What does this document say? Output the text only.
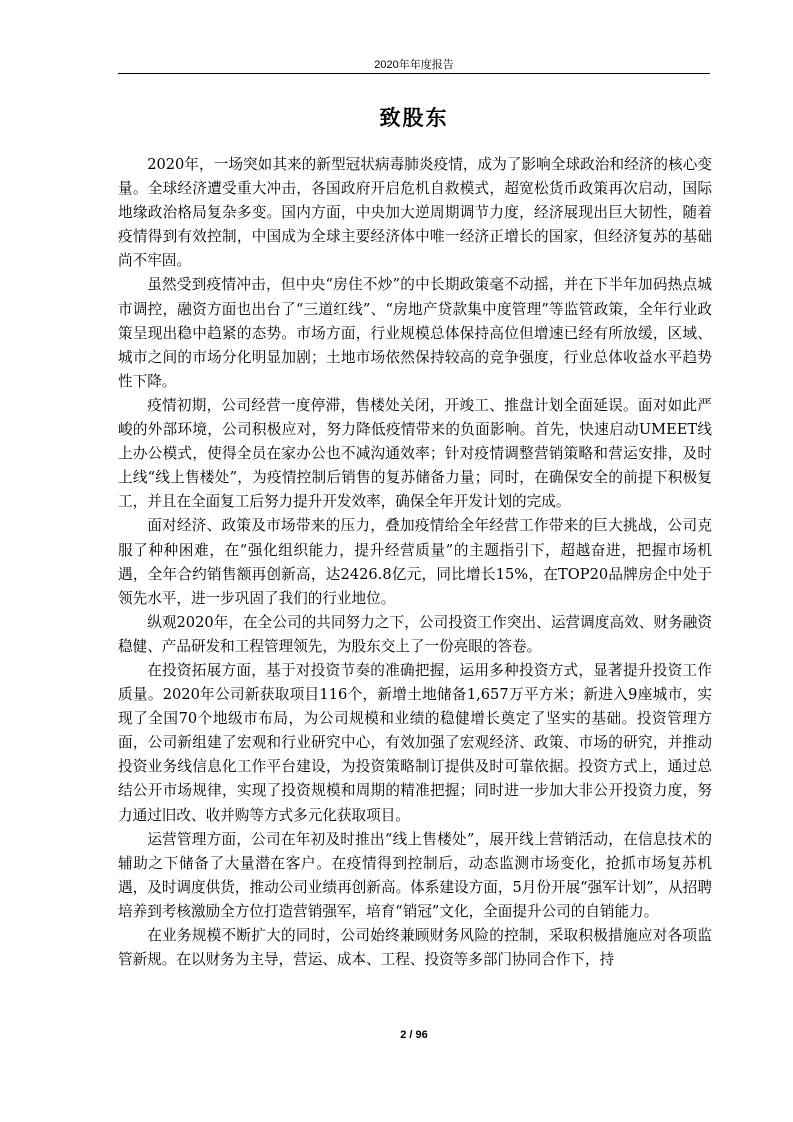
2020年年度报告
致股东

2020年，一场突如其来的新型冠状病毒肺炎疫情，成为了影响全球政治和经济的核心变量。全球经济遭受重大冲击，各国政府开启危机自救模式，超宽松货币政策再次启动，国际地缘政治格局复杂多变。国内方面，中央加大逆周期调节力度，经济展现出巨大韧性，随着疫情得到有效控制，中国成为全球主要经济体中唯一经济正增长的国家，但经济复苏的基础尚不牢固。

虽然受到疫情冲击，但中央“房住不炒”的中长期政策毫不动摇，并在下半年加码热点城市调控，融资方面也出台了“三道红线”、“房地产贷款集中度管理”等监管政策，全年行业政策呈现出稳中趋紧的态势。市场方面，行业规模总体保持高位但增速已经有所放缓，区域、城市之间的市场分化明显加剧；土地市场依然保持较高的竞争强度，行业总体收益水平趋势性下降。

疫情初期，公司经营一度停滞，售楼处关闭，开竣工、推盘计划全面延误。面对如此严峻的外部环境，公司积极应对，努力降低疫情带来的负面影响。首先，快速启动UMEET线上办公模式，使得全员在家办公也不减沟通效率；针对疫情调整营销策略和营运安排，及时上线“线上售楼处”，为疫情控制后销售的复苏储备力量；同时，在确保安全的前提下积极复工，并且在全面复工后努力提升开发效率，确保全年开发计划的完成。

面对经济、政策及市场带来的压力，叠加疫情给全年经营工作带来的巨大挑战，公司克服了种种困难，在“强化组织能力，提升经营质量”的主题指引下，超越奋进，把握市场机遇，全年合约销售额再创新高，达2426.8亿元，同比增长15%，在TOP20品牌房企中处于领先水平，进一步巩固了我们的行业地位。

纵观2020年，在全公司的共同努力之下，公司投资工作突出、运营调度高效、财务融资稳健、产品研发和工程管理领先，为股东交上了一份亮眼的答卷。

在投资拓展方面，基于对投资节奏的准确把握，运用多种投资方式，显著提升投资工作质量。2020年公司新获取项目116个，新增土地储备1,657万平方米；新进入9座城市，实现了全国70个地级市布局，为公司规模和业绩的稳健增长奠定了坚实的基础。投资管理方面，公司新组建了宏观和行业研究中心，有效加强了宏观经济、政策、市场的研究，并推动投资业务线信息化工作平台建设，为投资策略制订提供及时可靠依据。投资方式上，通过总结公开市场规律，实现了投资规模和周期的精准把握；同时进一步加大非公开投资力度，努力通过旧改、收并购等方式多元化获取项目。

运营管理方面，公司在年初及时推出“线上售楼处”，展开线上营销活动，在信息技术的辅助之下储备了大量潜在客户。在疫情得到控制后，动态监测市场变化，抢抓市场复苏机遇，及时调度供货，推动公司业绩再创新高。体系建设方面，5月份开展“强军计划”，从招聘培养到考核激励全方位打造营销强军，培育“销冠”文化，全面提升公司的自销能力。

在业务规模不断扩大的同时，公司始终兼顾财务风险的控制，采取积极措施应对各项监管新规。在以财务为主导，营运、成本、工程、投资等多部门协同合作下，持

2 / 96
